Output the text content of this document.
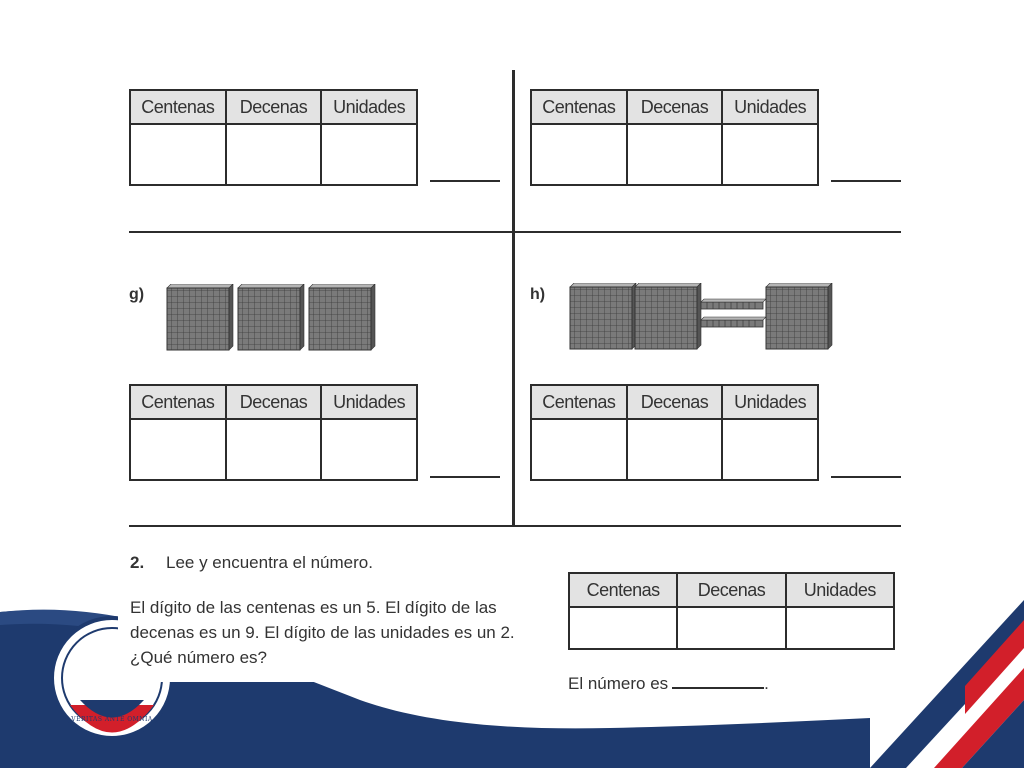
VERITAS ANTE OMNIA
Centenas	Decenas	Unidades
			Centenas	Decenas	Unidades

g)	h)
Centenas	Decenas	Unidades
			Centenas	Decenas	Unidades

2. Lee y encuentra el número.
El dígito de las centenas es un 5. El dígito de las decenas es un 9. El dígito de las unidades es un 2. ¿Qué número es?
Centenas	Decenas	Unidades

El número es	.
